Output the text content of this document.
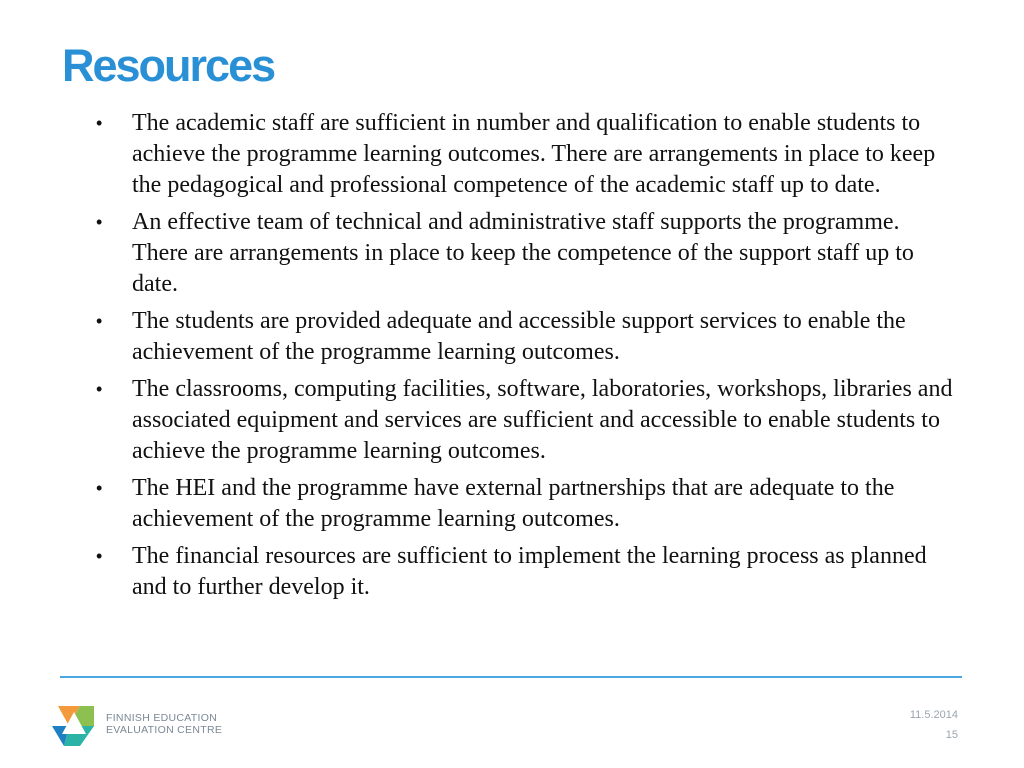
Resources
• The academic staff are sufficient in number and qualification to enable students to achieve the programme learning outcomes. There are arrangements in place to keep the pedagogical and professional competence of the academic staff up to date.
• An effective team of technical and administrative staff supports the programme. There are arrangements in place to keep the competence of the support staff up to date.
• The students are provided adequate and accessible support services to enable the achievement of the programme learning outcomes.
• The classrooms, computing facilities, software, laboratories, workshops, libraries and associated equipment and services are sufficient and accessible to enable students to achieve the programme learning outcomes.
• The HEI and the programme have external partnerships that are adequate to the achievement of the programme learning outcomes.
• The financial resources are sufficient to implement the learning process as planned and to further develop it.
FINNISH EDUCATION
EVALUATION CENTRE
11.5.2014
15
